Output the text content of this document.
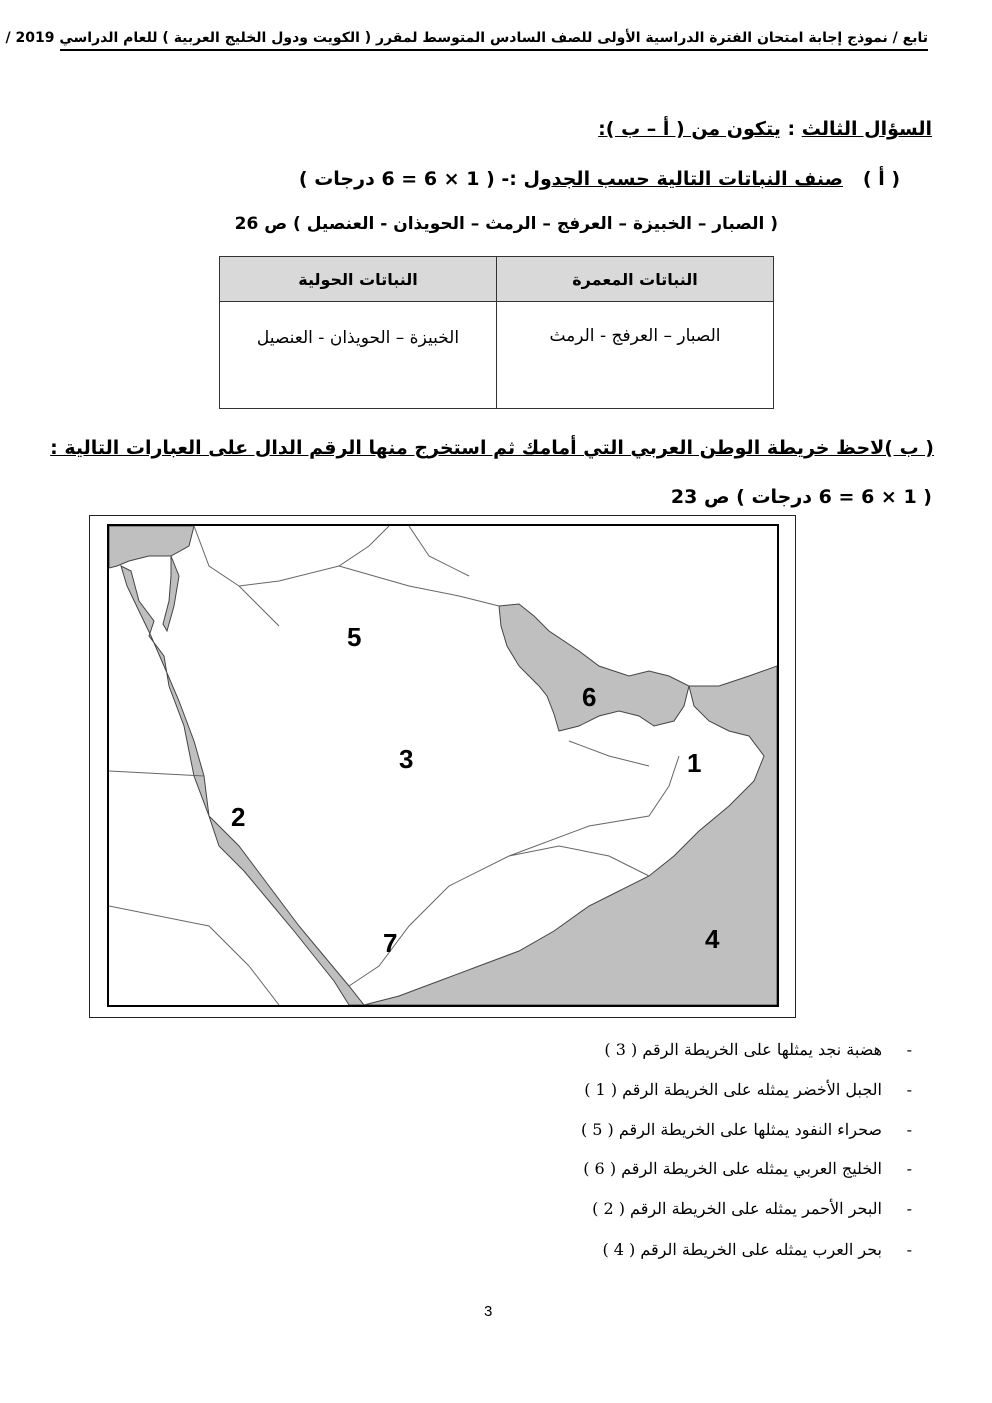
تابع / نموذج إجابة امتحان الفترة الدراسية الأولى للصف السادس المتوسط لمقرر ( الكويت ودول الخليج العربية ) للعام الدراسي 2019 /
السؤال الثالث : يتكون من ( أ – ب ):
( أ )   صنف النباتات التالية حسب الجدول :- ( 1 × 6 = 6 درجات )
( الصبار – الخبيزة – العرفج – الرمث – الحويذان - العنصيل ) ص 26
النباتات المعمرة	النباتات الحولية
الصبار – العرفج - الرمث	الخبيزة – الحويذان - العنصيل
( ب )لاحظ خريطة الوطن العربي التي أمامك ثم استخرج منها الرقم الدال على العبارات التالية :
( 1 × 6 = 6 درجات ) ص 23
5
6
3	1
2
7	4
-
هضبة نجد يمثلها على الخريطة الرقم ( 3 )
-
الجبل الأخضر يمثله على الخريطة الرقم ( 1 )
-
صحراء النفود يمثلها على الخريطة الرقم ( 5 )
-
الخليج العربي يمثله على الخريطة الرقم ( 6 )
-
البحر الأحمر يمثله على الخريطة الرقم ( 2 )
-
بحر العرب يمثله على الخريطة الرقم ( 4 )
3
